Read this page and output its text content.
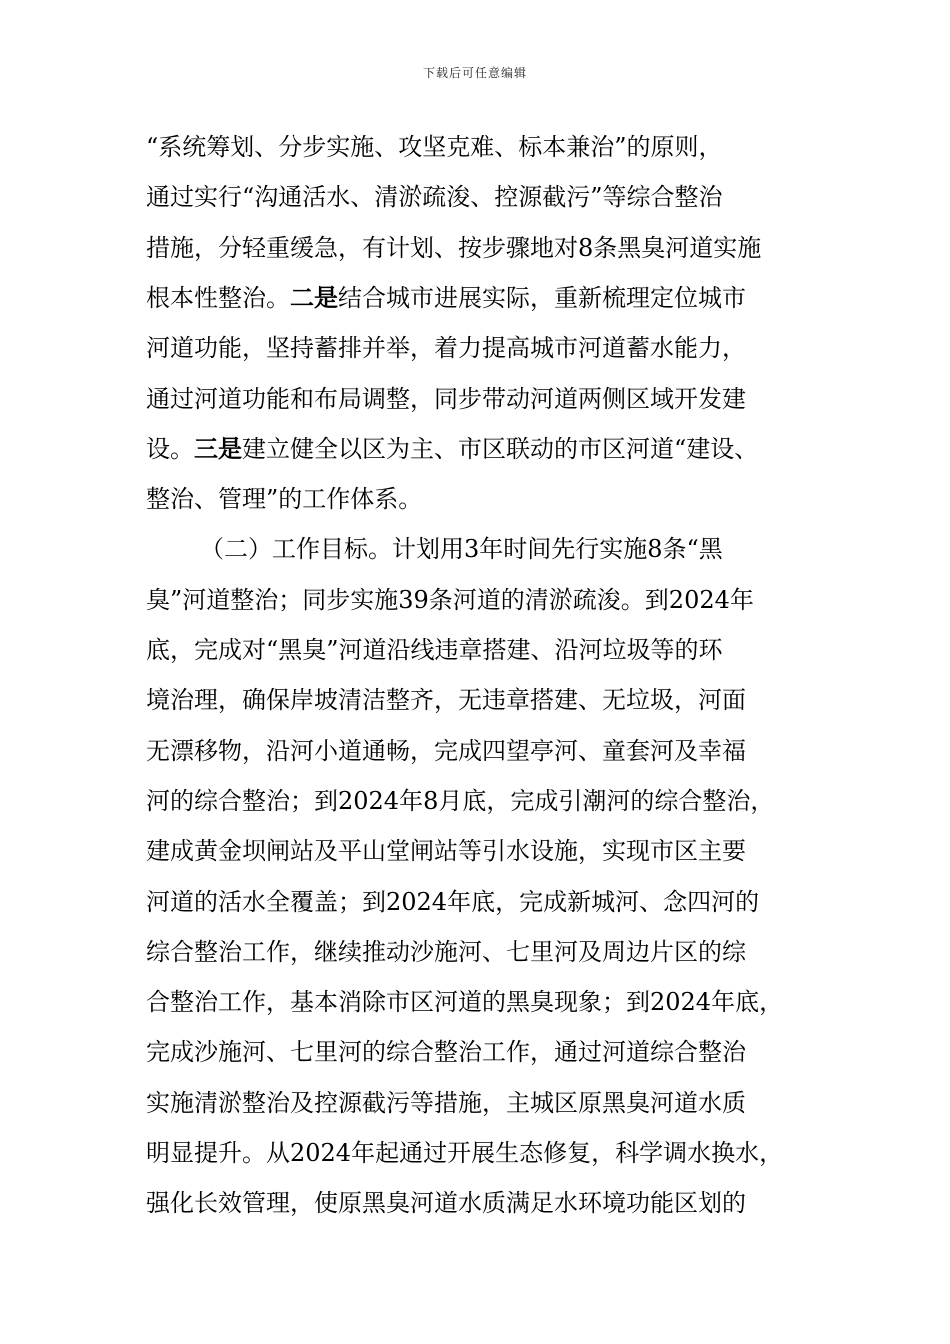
下载后可任意编辑
“系统筹划、分步实施、攻坚克难、标本兼治”的原则，
通过实行“沟通活水、清淤疏浚、控源截污”等综合整治
措施，分轻重缓急，有计划、按步骤地对8条黑臭河道实施
根本性整治。二是结合城市进展实际，重新梳理定位城市
河道功能，坚持蓄排并举，着力提高城市河道蓄水能力，
通过河道功能和布局调整，同步带动河道两侧区域开发建
设。三是建立健全以区为主、市区联动的市区河道“建设、
整治、管理”的工作体系。
（二）工作目标。计划用3年时间先行实施8条“黑
臭”河道整治；同步实施39条河道的清淤疏浚。到2024年
底，完成对“黑臭”河道沿线违章搭建、沿河垃圾等的环
境治理，确保岸坡清洁整齐，无违章搭建、无垃圾，河面
无漂移物，沿河小道通畅，完成四望亭河、童套河及幸福
河的综合整治；到2024年8月底，完成引潮河的综合整治，
建成黄金坝闸站及平山堂闸站等引水设施，实现市区主要
河道的活水全覆盖；到2024年底，完成新城河、念四河的
综合整治工作，继续推动沙施河、七里河及周边片区的综
合整治工作，基本消除市区河道的黑臭现象；到2024年底，
完成沙施河、七里河的综合整治工作，通过河道综合整治
实施清淤整治及控源截污等措施，主城区原黑臭河道水质
明显提升。从2024年起通过开展生态修复，科学调水换水，
强化长效管理，使原黑臭河道水质满足水环境功能区划的
